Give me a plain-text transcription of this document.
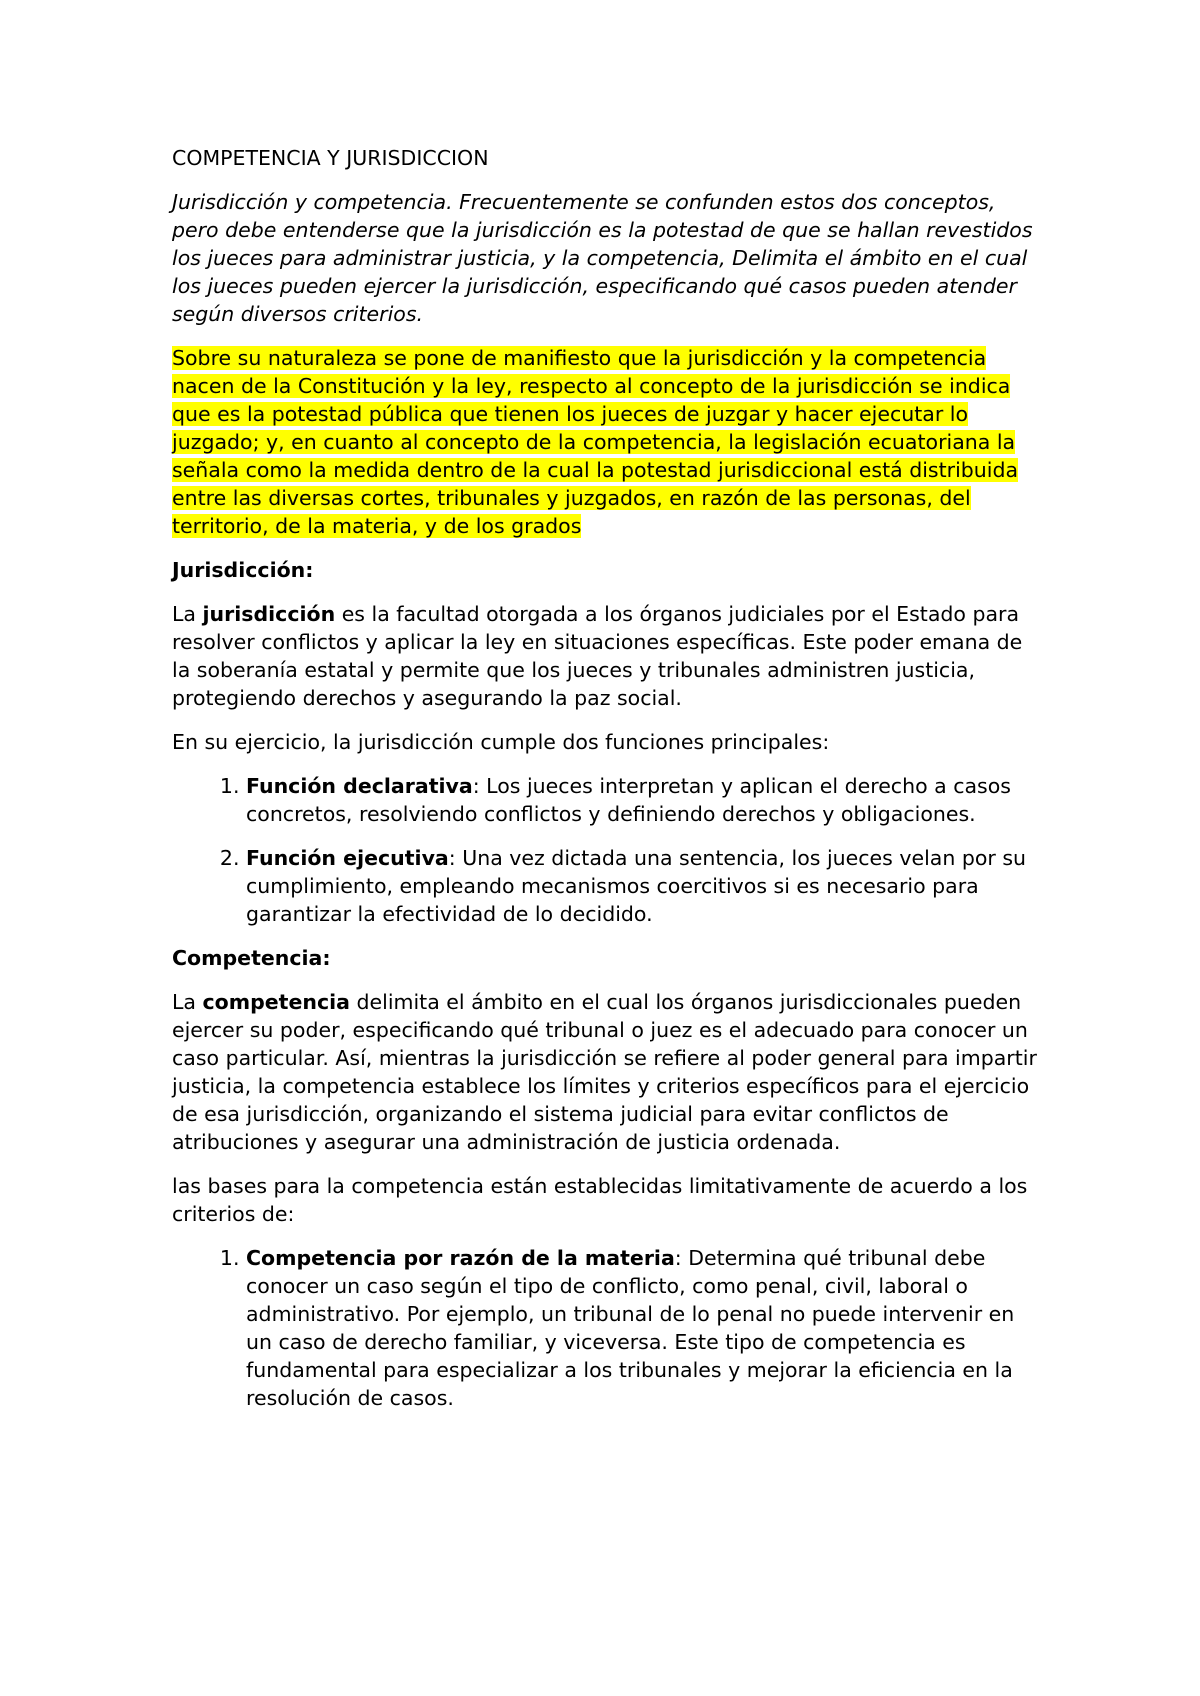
COMPETENCIA Y JURISDICCION

Jurisdicción y competencia. Frecuentemente se confunden estos dos conceptos, pero debe entenderse que la jurisdicción es la potestad de que se hallan revestidos los jueces para administrar justicia, y la competencia, Delimita el ámbito en el cual los jueces pueden ejercer la jurisdicción, especificando qué casos pueden atender según diversos criterios.

Sobre su naturaleza se pone de manifiesto que la jurisdicción y la competencia nacen de la Constitución y la ley, respecto al concepto de la jurisdicción se indica que es la potestad pública que tienen los jueces de juzgar y hacer ejecutar lo juzgado; y, en cuanto al concepto de la competencia, la legislación ecuatoriana la señala como la medida dentro de la cual la potestad jurisdiccional está distribuida entre las diversas cortes, tribunales y juzgados, en razón de las personas, del territorio, de la materia, y de los grados

Jurisdicción:

La jurisdicción es la facultad otorgada a los órganos judiciales por el Estado para resolver conflictos y aplicar la ley en situaciones específicas. Este poder emana de la soberanía estatal y permite que los jueces y tribunales administren justicia, protegiendo derechos y asegurando la paz social.

En su ejercicio, la jurisdicción cumple dos funciones principales:

1. Función declarativa: Los jueces interpretan y aplican el derecho a casos concretos, resolviendo conflictos y definiendo derechos y obligaciones.
2. Función ejecutiva: Una vez dictada una sentencia, los jueces velan por su cumplimiento, empleando mecanismos coercitivos si es necesario para garantizar la efectividad de lo decidido.
Competencia:

La competencia delimita el ámbito en el cual los órganos jurisdiccionales pueden ejercer su poder, especificando qué tribunal o juez es el adecuado para conocer un caso particular. Así, mientras la jurisdicción se refiere al poder general para impartir justicia, la competencia establece los límites y criterios específicos para el ejercicio de esa jurisdicción, organizando el sistema judicial para evitar conflictos de atribuciones y asegurar una administración de justicia ordenada.

las bases para la competencia están establecidas limitativamente de acuerdo a los criterios de:

1. Competencia por razón de la materia: Determina qué tribunal debe conocer un caso según el tipo de conflicto, como penal, civil, laboral o administrativo. Por ejemplo, un tribunal de lo penal no puede intervenir en un caso de derecho familiar, y viceversa. Este tipo de competencia es fundamental para especializar a los tribunales y mejorar la eficiencia en la resolución de casos.
